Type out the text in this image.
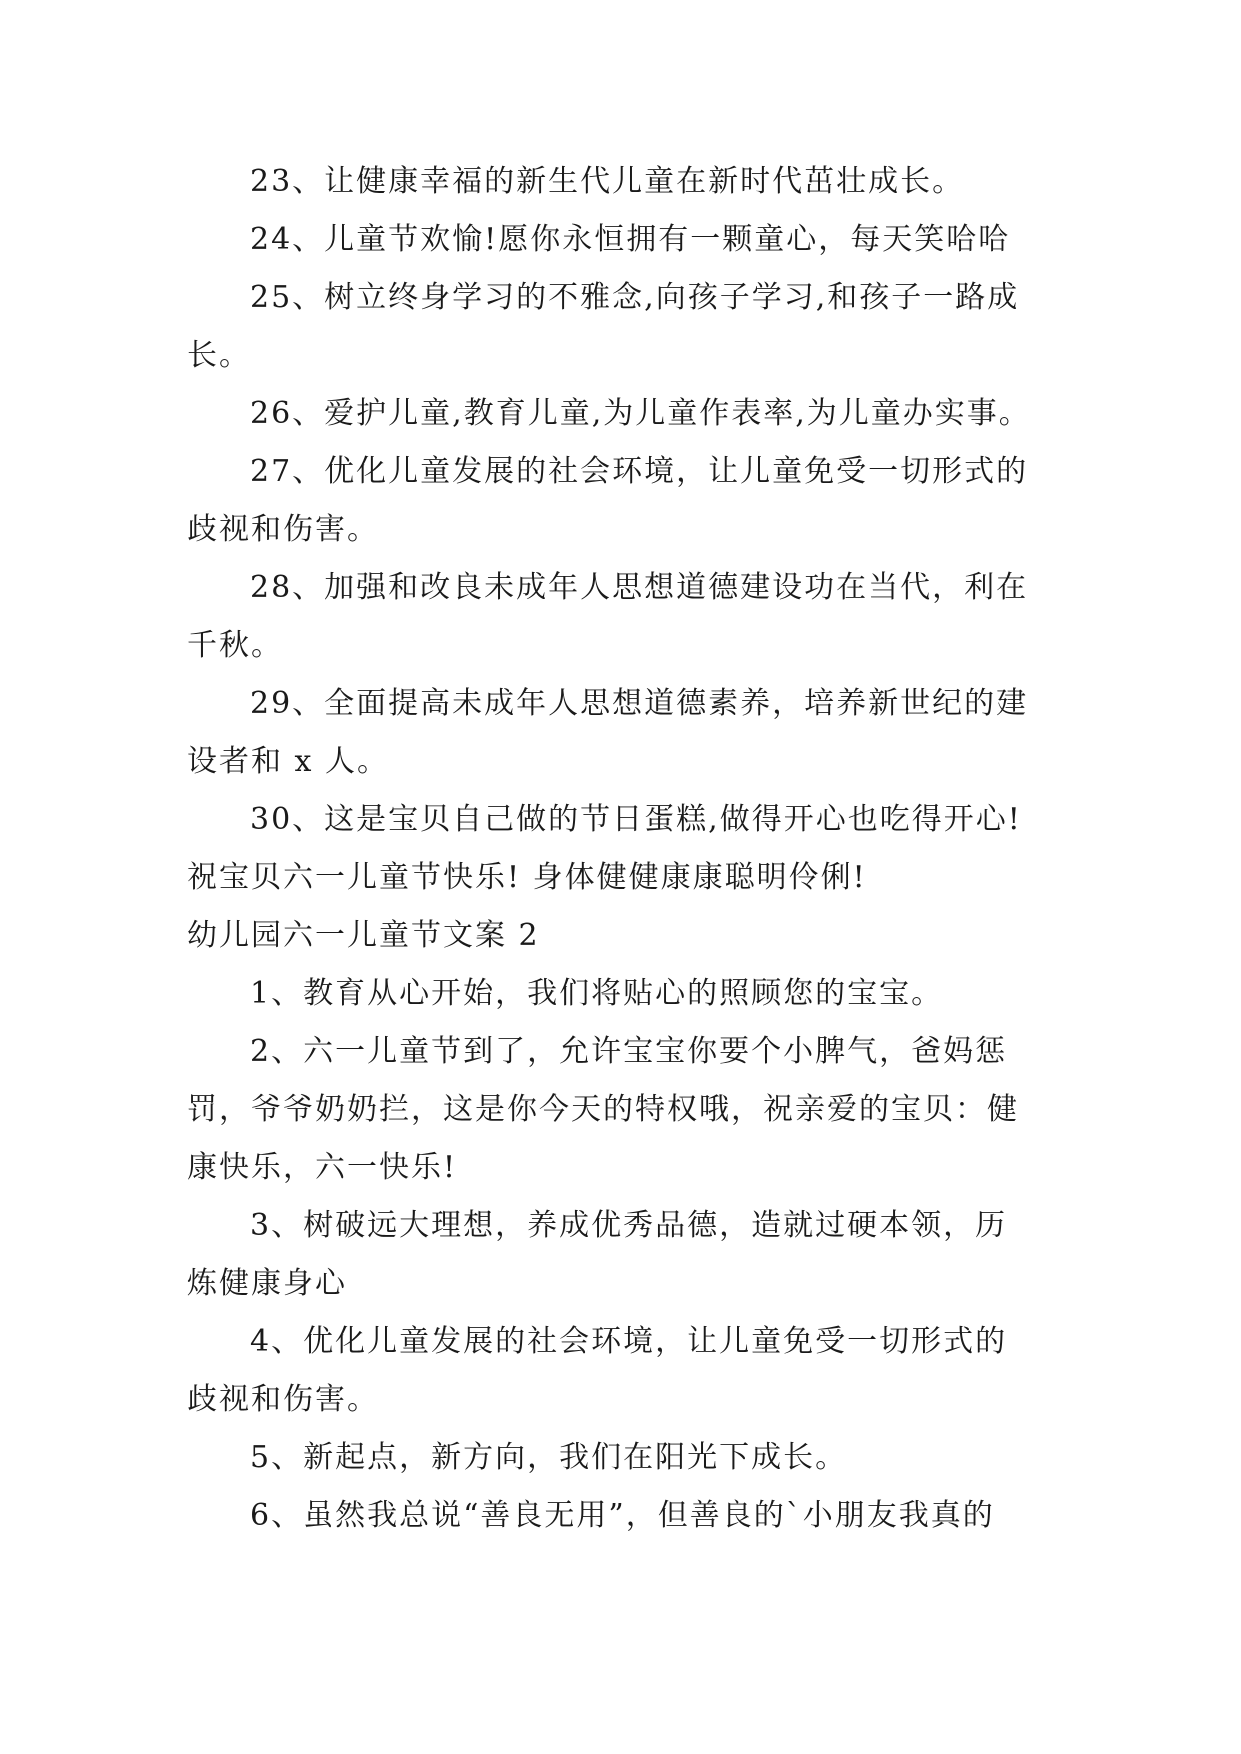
23、让健康幸福的新生代儿童在新时代茁壮成长。
24、儿童节欢愉!愿你永恒拥有一颗童心，每天笑哈哈
25、树立终身学习的不雅念,向孩子学习,和孩子一路成
长。
26、爱护儿童,教育儿童,为儿童作表率,为儿童办实事。
27、优化儿童发展的社会环境，让儿童免受一切形式的
歧视和伤害。
28、加强和改良未成年人思想道德建设功在当代，利在
千秋。
29、全面提高未成年人思想道德素养，培养新世纪的建
设者和 x 人。
30、这是宝贝自己做的节日蛋糕,做得开心也吃得开心!
祝宝贝六一儿童节快乐! 身体健健康康聪明伶俐!
幼儿园六一儿童节文案 2
1、教育从心开始，我们将贴心的照顾您的宝宝。
2、六一儿童节到了，允许宝宝你要个小脾气，爸妈惩
罚，爷爷奶奶拦，这是你今天的特权哦，祝亲爱的宝贝：健
康快乐，六一快乐!
3、树破远大理想，养成优秀品德，造就过硬本领，历
炼健康身心
4、优化儿童发展的社会环境，让儿童免受一切形式的
歧视和伤害。
5、新起点，新方向，我们在阳光下成长。
6、虽然我总说“善良无用”，但善良的`小朋友我真的
